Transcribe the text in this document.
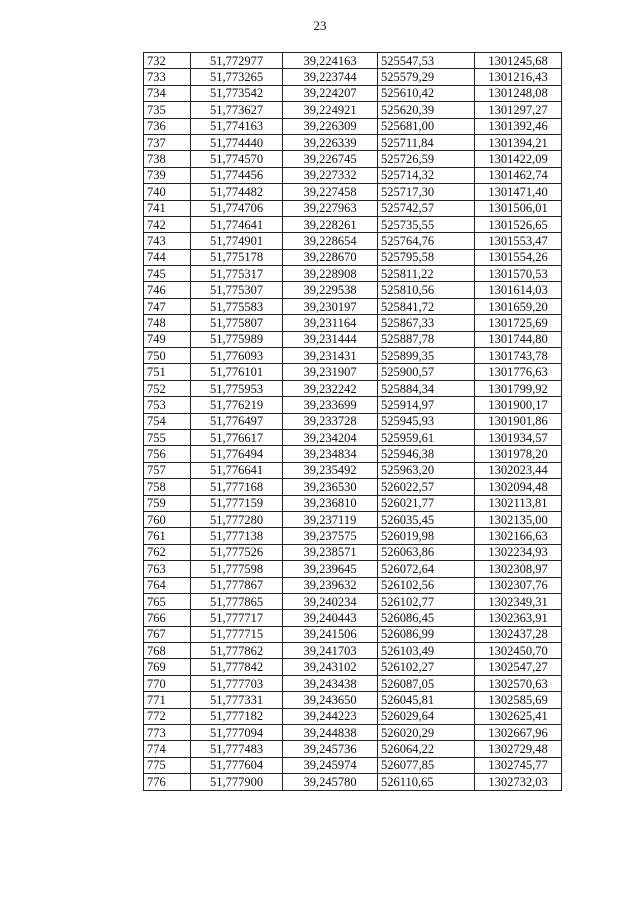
23
732	51,772977	39,224163	525547,53	1301245,68
733	51,773265	39,223744	525579,29	1301216,43
734	51,773542	39,224207	525610,42	1301248,08
735	51,773627	39,224921	525620,39	1301297,27
736	51,774163	39,226309	525681,00	1301392,46
737	51,774440	39,226339	525711,84	1301394,21
738	51,774570	39,226745	525726,59	1301422,09
739	51,774456	39,227332	525714,32	1301462,74
740	51,774482	39,227458	525717,30	1301471,40
741	51,774706	39,227963	525742,57	1301506,01
742	51,774641	39,228261	525735,55	1301526,65
743	51,774901	39,228654	525764,76	1301553,47
744	51,775178	39,228670	525795,58	1301554,26
745	51,775317	39,228908	525811,22	1301570,53
746	51,775307	39,229538	525810,56	1301614,03
747	51,775583	39,230197	525841,72	1301659,20
748	51,775807	39,231164	525867,33	1301725,69
749	51,775989	39,231444	525887,78	1301744,80
750	51,776093	39,231431	525899,35	1301743,78
751	51,776101	39,231907	525900,57	1301776,63
752	51,775953	39,232242	525884,34	1301799,92
753	51,776219	39,233699	525914,97	1301900,17
754	51,776497	39,233728	525945,93	1301901,86
755	51,776617	39,234204	525959,61	1301934,57
756	51,776494	39,234834	525946,38	1301978,20
757	51,776641	39,235492	525963,20	1302023,44
758	51,777168	39,236530	526022,57	1302094,48
759	51,777159	39,236810	526021,77	1302113,81
760	51,777280	39,237119	526035,45	1302135,00
761	51,777138	39,237575	526019,98	1302166,63
762	51,777526	39,238571	526063,86	1302234,93
763	51,777598	39,239645	526072,64	1302308,97
764	51,777867	39,239632	526102,56	1302307,76
765	51,777865	39,240234	526102,77	1302349,31
766	51,777717	39,240443	526086,45	1302363,91
767	51,777715	39,241506	526086,99	1302437,28
768	51,777862	39,241703	526103,49	1302450,70
769	51,777842	39,243102	526102,27	1302547,27
770	51,777703	39,243438	526087,05	1302570,63
771	51,777331	39,243650	526045,81	1302585,69
772	51,777182	39,244223	526029,64	1302625,41
773	51,777094	39,244838	526020,29	1302667,96
774	51,777483	39,245736	526064,22	1302729,48
775	51,777604	39,245974	526077,85	1302745,77
776	51,777900	39,245780	526110,65	1302732,03
